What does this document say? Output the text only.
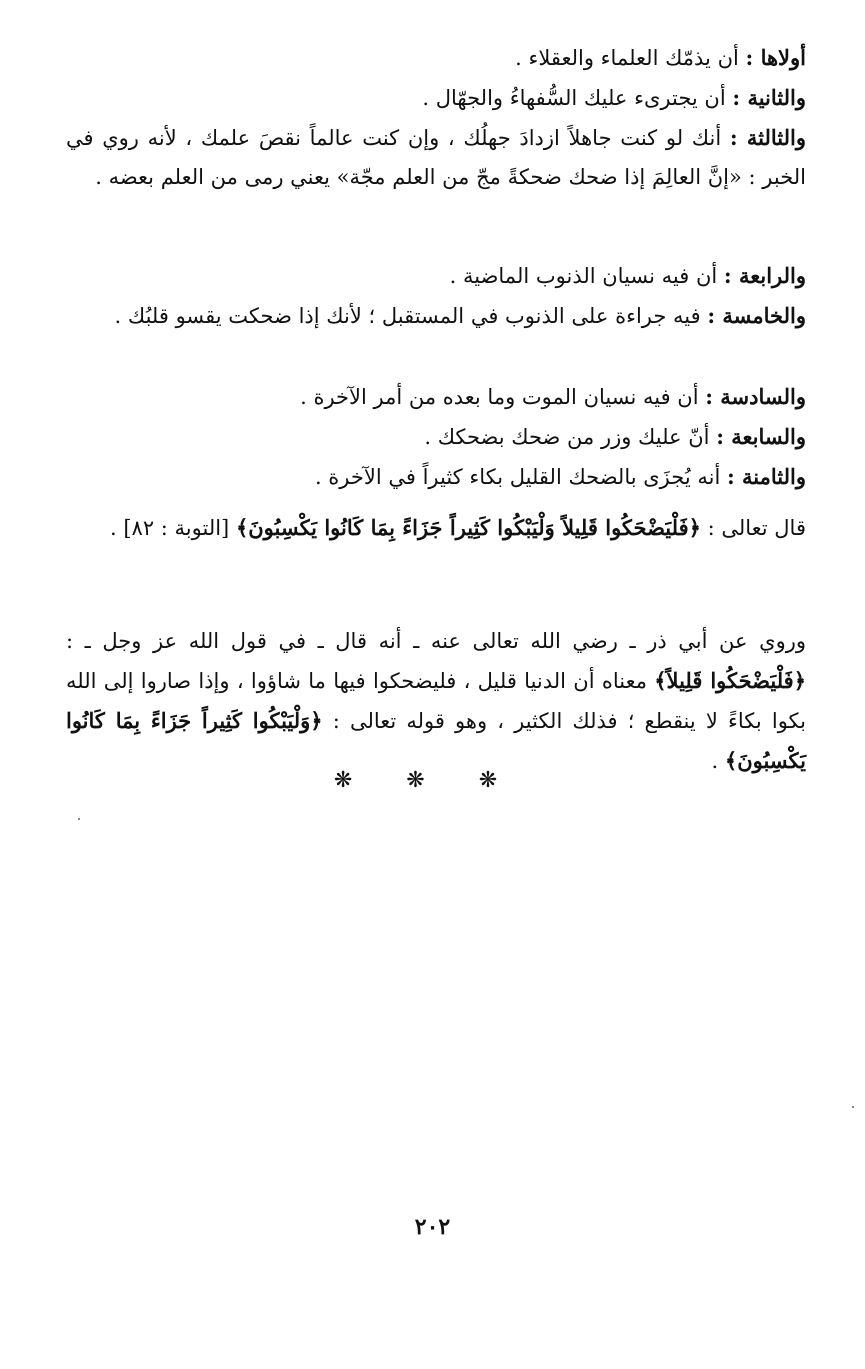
أولاها : أن يذمّك العلماء والعقلاء .

والثانية : أن يجترىء عليك السُّفهاءُ والجهّال .

والثالثة : أنك لو كنت جاهلاً ازدادَ جهلُك ، وإن كنت عالماً نقصَ علمك ، لأنه روي في الخبر : «إنَّ العالِمَ إذا ضحك ضحكةً مجّ من العلم مجّة» يعني رمى من العلم بعضه .

والرابعة : أن فيه نسيان الذنوب الماضية .

والخامسة : فيه جراءة على الذنوب في المستقبل ؛ لأنك إذا ضحكت يقسو قلبُك .

والسادسة : أن فيه نسيان الموت وما بعده من أمر الآخرة .

والسابعة : أنّ عليك وزر من ضحك بضحكك .

والثامنة : أنه يُجزَى بالضحك القليل بكاء كثيراً في الآخرة .

قال تعالى : ﴿فَلْيَضْحَكُوا قَلِيلاً وَلْيَبْكُوا كَثِيراً جَزَاءً بِمَا كَانُوا يَكْسِبُونَ﴾ [التوبة : ٨٢] .

وروي عن أبي ذر ـ رضي الله تعالى عنه ـ أنه قال ـ في قول الله عز وجل ـ : ﴿فَلْيَضْحَكُوا قَلِيلاً﴾ معناه أن الدنيا قليل ، فليضحكوا فيها ما شاؤوا ، وإذا صاروا إلى الله بكوا بكاءً لا ينقطع ؛ فذلك الكثير ، وهو قوله تعالى : ﴿وَلْيَبْكُوا كَثِيراً جَزَاءً بِمَا كَانُوا يَكْسِبُونَ﴾ .

❋ ❋ ❋
٢٠٢
